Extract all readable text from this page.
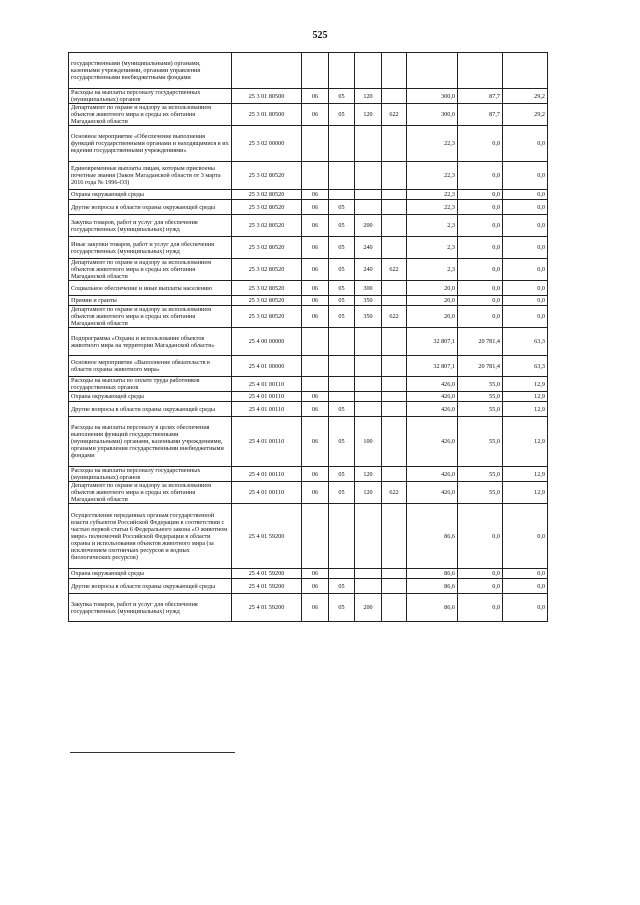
525
государственными (муниципальными) органами, казенными учреждениями, органами управления государственными внебюджетными фондами								
Расходы на выплаты персоналу государственных (муниципальных) органов	25 3 01 80500	06	05	120		300,0	87,7	29,2
Департамент по охране и надзору за использованием объектов животного мира и среды их обитания Магаданской области	25 3 01 80500	06	05	120	622	300,0	87,7	29,2
Основное мероприятие «Обеспечение выполнения функций государственными органами и находящимися в их ведении государственными учреждениями»	25 3 02 00000					22,3	0,0	0,0
Единовременные выплаты лицам, которым присвоены почетные звания (Закон Магаданской области от 3 марта 2016 года № 1996-ОЗ)	25 3 02 80520					22,3	0,0	0,0
Охрана окружающей среды	25 3 02 80520	06				22,3	0,0	0,0
Другие вопросы в области охраны окружающей среды	25 3 02 80520	06	05			22,3	0,0	0,0
Закупка товаров, работ и услуг для обеспечения государственных (муниципальных) нужд	25 3 02 80520	06	05	200		2,3	0,0	0,0
Иные закупки товаров, работ и услуг для обеспечения государственных (муниципальных) нужд	25 3 02 80520	06	05	240		2,3	0,0	0,0
Департамент по охране и надзору за использованием объектов животного мира и среды их обитания Магаданской области	25 3 02 80520	06	05	240	622	2,3	0,0	0,0
Социальное обеспечение и иные выплаты населению	25 3 02 80520	06	05	300		20,0	0,0	0,0
Премии и гранты	25 3 02 80520	06	05	350		20,0	0,0	0,0
Департамент по охране и надзору за использованием объектов животного мира и среды их обитания Магаданской области	25 3 02 80520	06	05	350	622	20,0	0,0	0,0
Подпрограмма «Охрана и использование объектов животного мира на территории Магаданской области»	25 4 00 00000					32 807,1	20 781,4	63,3
Основное мероприятие «Выполнение обязательств в области охраны животного мира»	25 4 01 00000					32 807,1	20 781,4	63,3
Расходы на выплаты по оплате труда работников государственных органов	25 4 01 00110					426,0	55,0	12,9
Охрана окружающей среды	25 4 01 00110	06				426,0	55,0	12,9
Другие вопросы в области охраны окружающей среды	25 4 01 00110	06	05			426,0	55,0	12,9
Расходы на выплаты персоналу в целях обеспечения выполнения функций государственными (муниципальными) органами, казенными учреждениями, органами управления государственными внебюджетными фондами	25 4 01 00110	06	05	100		426,0	55,0	12,9
Расходы на выплаты персоналу государственных (муниципальных) органов	25 4 01 00110	06	05	120		426,0	55,0	12,9
Департамент по охране и надзору за использованием объектов животного мира и среды их обитания Магаданской области	25 4 01 00110	06	05	120	622	426,0	55,0	12,9
Осуществление переданных органам государственной власти субъектов Российской Федерации в соответствии с частью первой статьи 6 Федерального закона «О животном мире» полномочий Российской Федерации в области охраны и использования объектов животного мира (за исключением охотничьих ресурсов и водных биологических ресурсов)	25 4 01 59200					86,6	0,0	0,0
Охрана окружающей среды	25 4 01 59200	06				86,6	0,0	0,0
Другие вопросы в области охраны окружающей среды	25 4 01 59200	06	05			86,6	0,0	0,0
Закупка товаров, работ и услуг для обеспечения государственных (муниципальных) нужд	25 4 01 59200	06	05	200		86,6	0,0	0,0
